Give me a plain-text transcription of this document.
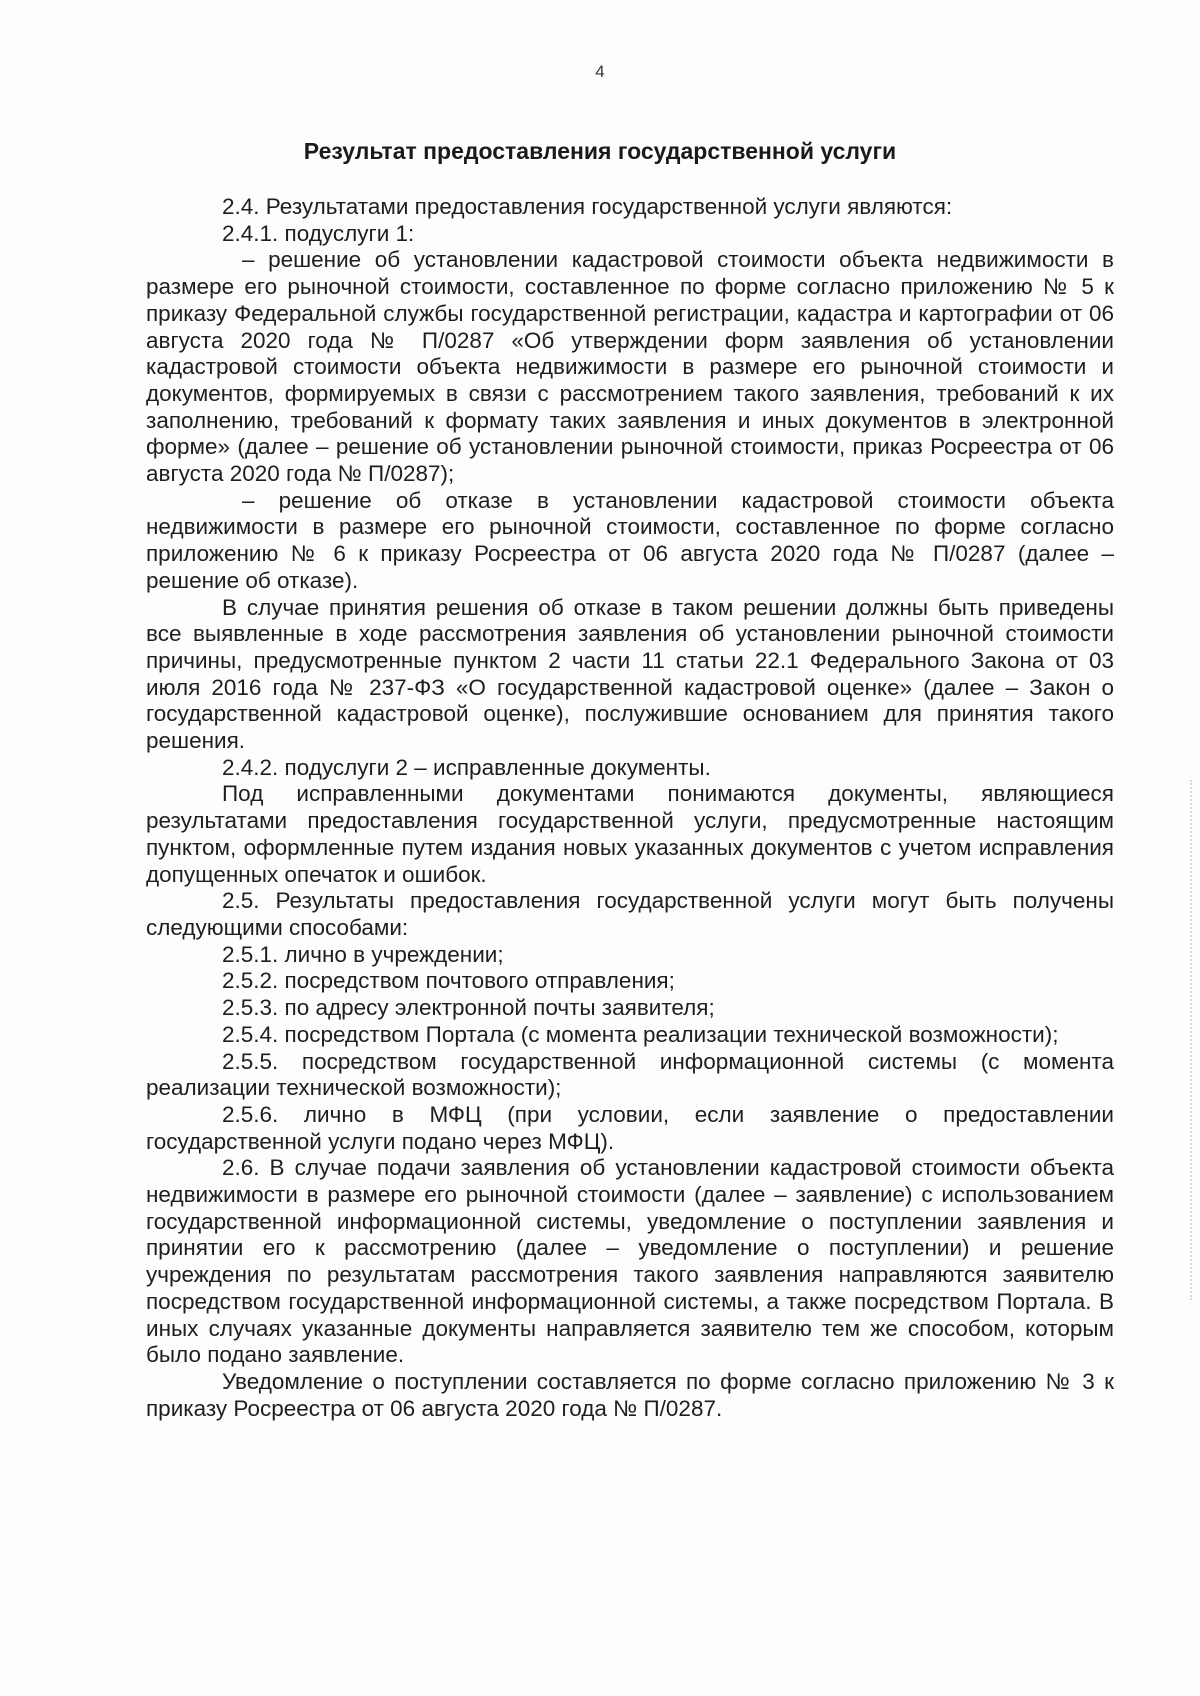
4
Результат предоставления государственной услуги

2.4. Результатами предоставления государственной услуги являются:

2.4.1. подуслуги 1:

– решение об установлении кадастровой стоимости объекта недвижимости в размере его рыночной стоимости, составленное по форме согласно приложению № 5 к приказу Федеральной службы государственной регистрации, кадастра и картографии от 06 августа 2020 года № П/0287 «Об утверждении форм заявления об установлении кадастровой стоимости объекта недвижимости в размере его рыночной стоимости и документов, формируемых в связи с рассмотрением такого заявления, требований к их заполнению, требований к формату таких заявления и иных документов в электронной форме» (далее – решение об установлении рыночной стоимости, приказ Росреестра от 06 августа 2020 года № П/0287);

– решение об отказе в установлении кадастровой стоимости объекта недвижимости в размере его рыночной стоимости, составленное по форме согласно приложению № 6 к приказу Росреестра от 06 августа 2020 года № П/0287 (далее – решение об отказе).

В случае принятия решения об отказе в таком решении должны быть приведены все выявленные в ходе рассмотрения заявления об установлении рыночной стоимости причины, предусмотренные пунктом 2 части 11 статьи 22.1 Федерального Закона от 03 июля 2016 года № 237-ФЗ «О государственной кадастровой оценке» (далее – Закон о государственной кадастровой оценке), послужившие основанием для принятия такого решения.

2.4.2. подуслуги 2 – исправленные документы.

Под исправленными документами понимаются документы, являющиеся результатами предоставления государственной услуги, предусмотренные настоящим пунктом, оформленные путем издания новых указанных документов с учетом исправления допущенных опечаток и ошибок.

2.5. Результаты предоставления государственной услуги могут быть получены следующими способами:

2.5.1. лично в учреждении;

2.5.2. посредством почтового отправления;

2.5.3. по адресу электронной почты заявителя;

2.5.4. посредством Портала (с момента реализации технической возможности);

2.5.5. посредством государственной информационной системы (с момента реализации технической возможности);

2.5.6. лично в МФЦ (при условии, если заявление о предоставлении государственной услуги подано через МФЦ).

2.6. В случае подачи заявления об установлении кадастровой стоимости объекта недвижимости в размере его рыночной стоимости (далее – заявление) с использованием государственной информационной системы, уведомление о поступлении заявления и принятии его к рассмотрению (далее – уведомление о поступлении) и решение учреждения по результатам рассмотрения такого заявления направляются заявителю посредством государственной информационной системы, а также посредством Портала. В иных случаях указанные документы направляется заявителю тем же способом, которым было подано заявление.

Уведомление о поступлении составляется по форме согласно приложению № 3 к приказу Росреестра от 06 августа 2020 года № П/0287.
